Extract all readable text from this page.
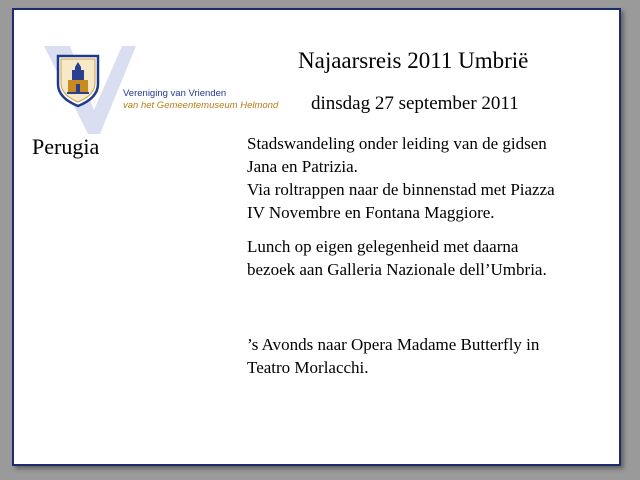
Vereniging van Vrienden
van het Gemeentemuseum Helmond
Najaarsreis 2011 Umbrië
dinsdag 27 september 2011
Perugia	Stadswandeling onder leiding van de gidsen
Jana en Patrizia.
Via roltrappen naar de binnenstad met Piazza
IV Novembre en Fontana Maggiore.

Lunch op eigen gelegenheid met daarna
bezoek aan Galleria Nazionale dell’Umbria.

’s Avonds naar Opera Madame Butterfly in
Teatro Morlacchi.
